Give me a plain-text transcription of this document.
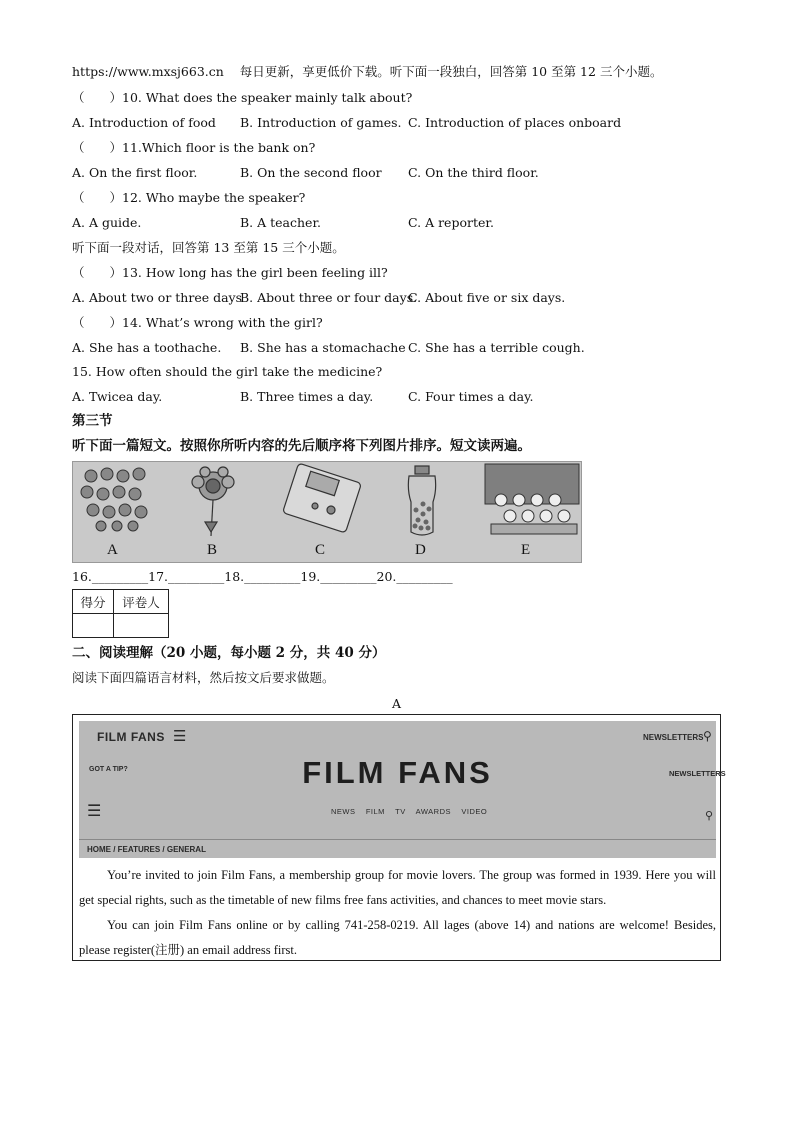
https://www.mxsj663.cn 每日更新，享更低价下载。听下面一段独白，回答第 10 至第 12 三个小题。
（　　）10. What does the speaker mainly talk about?
A. Introduction of food B. Introduction of games. C. Introduction of places onboard
（　　）11.Which floor is the bank on?
A. On the first floor.	B. On the second floor C. On the third floor.
（　　）12. Who maybe the speaker?
A. A guide.	B. A teacher.	C. A reporter.
听下面一段对话，回答第 13 至第 15 三个小题。
（　　）13. How long has the girl been feeling ill?
A. About two or three days
B. About three or four days.
C. About five or six days.
（　　）14. What’s wrong with the girl?
A. She has a toothache. B. She has a stomachache C. She has a terrible cough.
15. How often should the girl take the medicine?
A. Twicea day.	B. Three times a day.	C. Four times a day.
第三节
听下面一篇短文。按照你所听内容的先后顺序将下列图片排序。短文读两遍。
A	B	C	D	E
16._________17._________18._________19._________20._________
得分	评卷人

二、阅读理解（20 小题，每小题 2 分，共 40 分）
阅读下面四篇语言材料，然后按文后要求做题。
A
FILM FANS ☰	NEWSLETTERS ⚲
GOT A TIP?	NEWSLETTERS
FILM FANS
☰	NEWS FILM TV AWARDS VIDEO	⚲
HOME / FEATURES / GENERAL
You’re invited to join Film Fans, a membership group for movie lovers. The group was formed in 1939. Here you will get special rights, such as the timetable of new films free fans activities, and chances to meet movie stars.
You can join Film Fans online or by calling 741-258-0219. All lages (above 14) and nations are welcome! Besides, please register(注册) an email address first.
